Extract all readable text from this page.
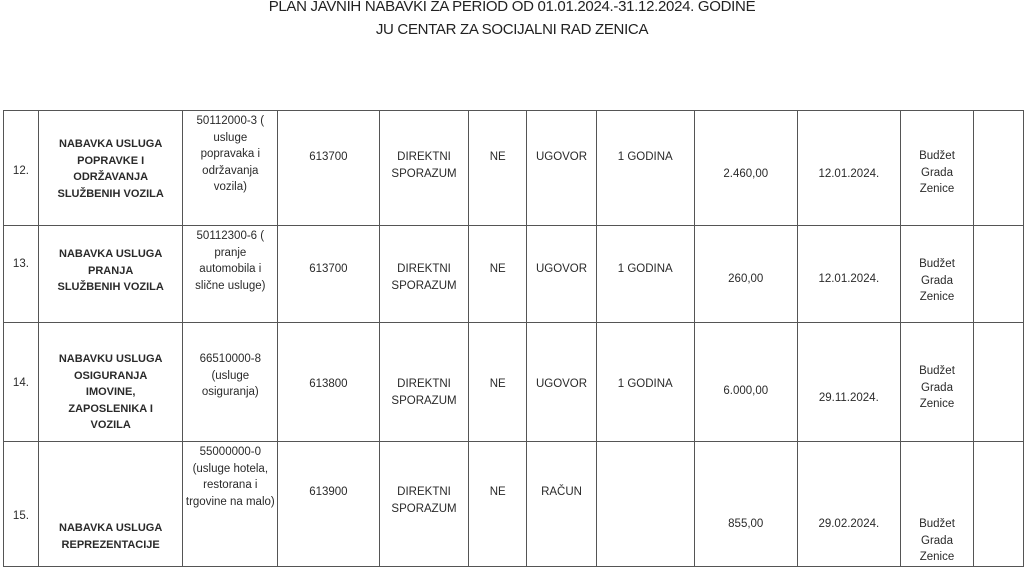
PLAN JAVNIH NABAVKI ZA PERIOD OD 01.01.2024.-31.12.2024. GODINE
JU CENTAR ZA SOCIJALNI RAD ZENICA
12.	NABAVKA USLUGA POPRAVKE I ODRŽAVANJA SLUŽBENIH VOZILA	50112000-3 ( usluge popravaka i održavanja vozila)	613700	DIREKTNI SPORAZUM	NE	UGOVOR	1 GODINA	2.460,00	12.01.2024.	Budžet Grada Zenice	

13.	NABAVKA USLUGA PRANJA SLUŽBENIH VOZILA	50112300-6 ( pranje automobila i slične usluge)	613700	DIREKTNI SPORAZUM	NE	UGOVOR	1 GODINA	260,00	12.01.2024.	Budžet Grada Zenice	

14.	NABAVKU USLUGA OSIGURANJA IMOVINE, ZAPOSLENIKA I VOZILA	66510000-8 (usluge osiguranja)	613800	DIREKTNI SPORAZUM	NE	UGOVOR	1 GODINA	6.000,00	29.11.2024.	Budžet Grada Zenice	

15.	NABAVKA USLUGA REPREZENTACIJE	55000000-0 (usluge hotela, restorana i trgovine na malo)	613900	DIREKTNI SPORAZUM	NE	RAČUN		855,00	29.02.2024.	Budžet Grada Zenice	
